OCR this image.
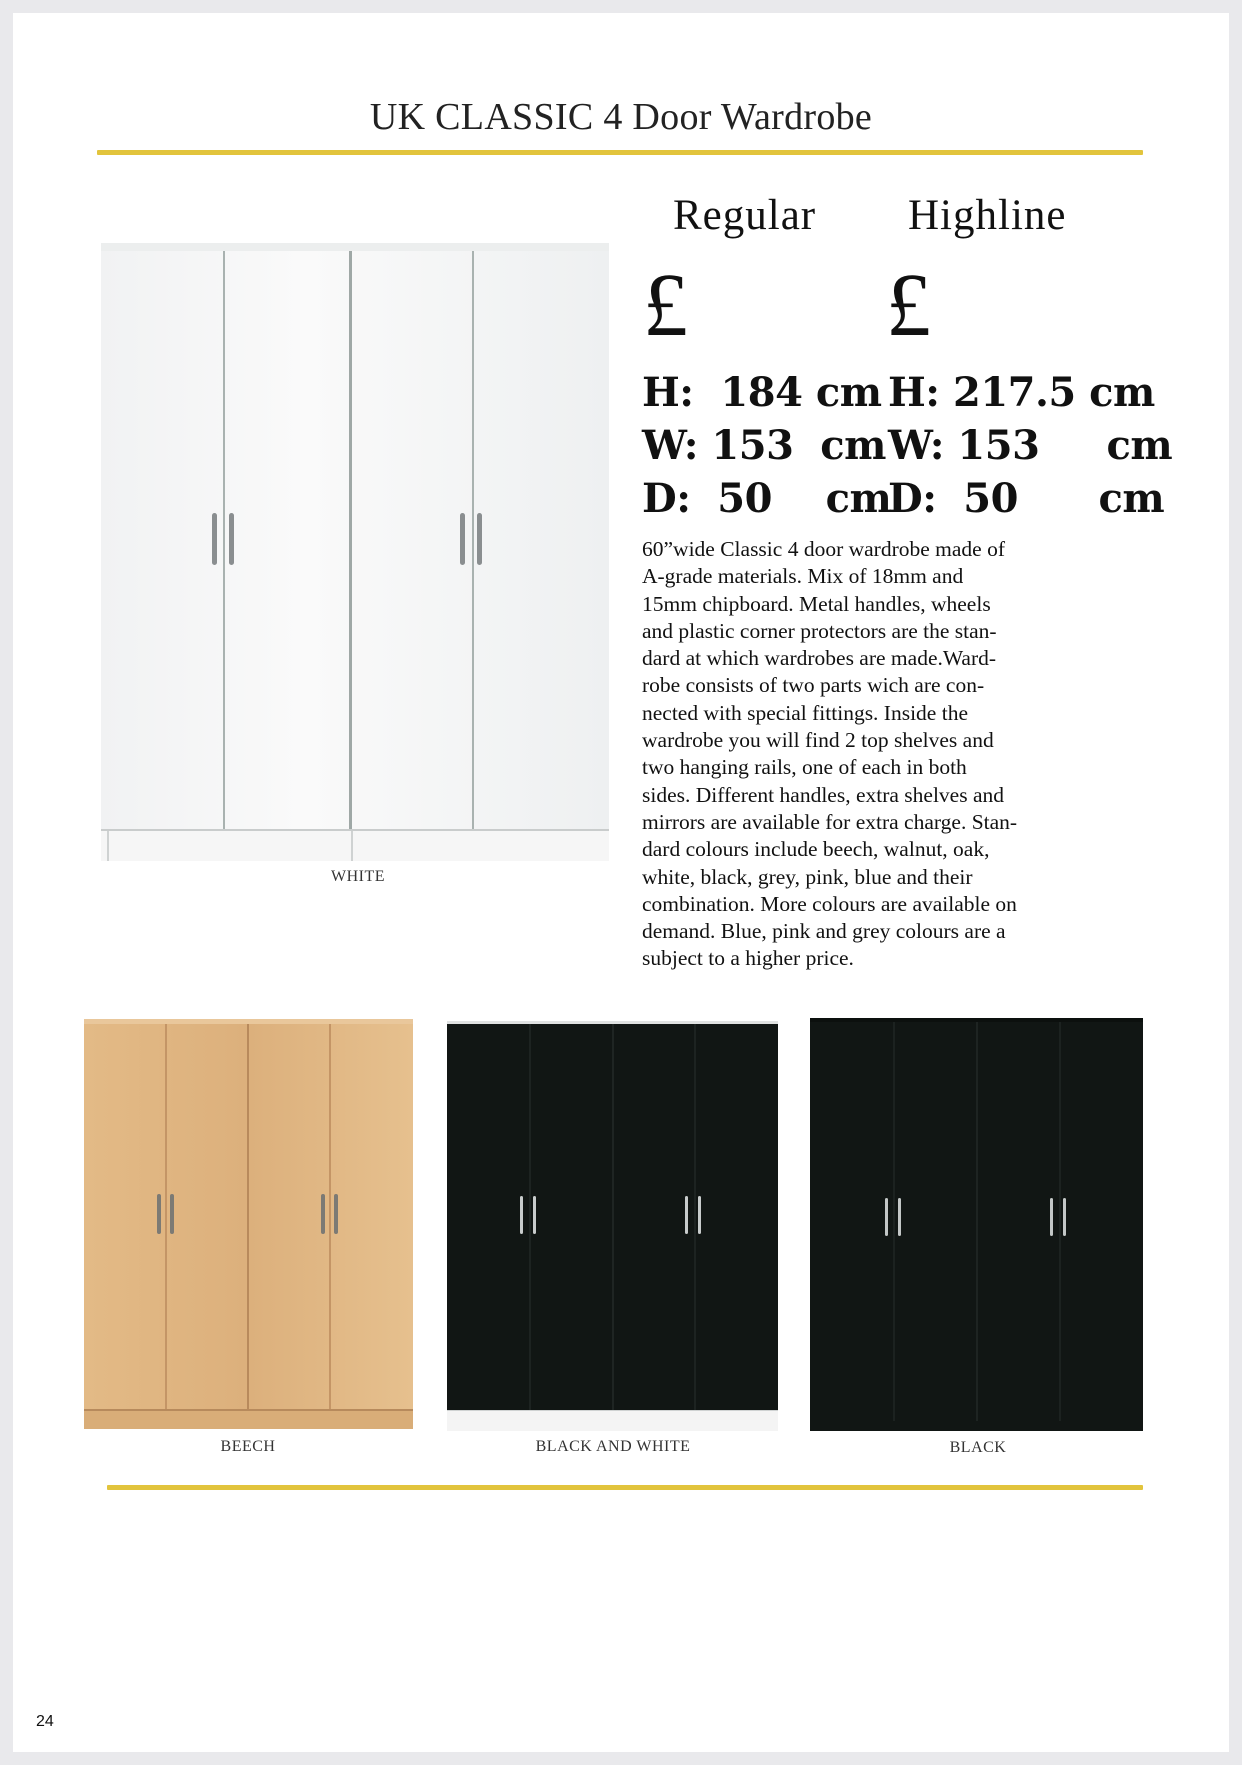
UK CLASSIC 4 Door Wardrobe
WHITE
Regular Highline
£ £
H:  184 cm
W: 153  cm
D:  50    cm
H: 217.5 cm
W: 153     cm
D:  50      cm
60”wide Classic 4 door wardrobe made of
A-grade materials. Mix of 18mm and
15mm chipboard. Metal handles, wheels
and plastic corner protectors are the stan-
dard at which wardrobes are made.Ward-
robe consists of two parts wich are con-
nected with special fittings. Inside the
wardrobe you will find 2 top shelves and
two hanging rails, one of each in both
sides. Different handles, extra shelves and
mirrors are available for extra charge. Stan-
dard colours include beech, walnut, oak,
white, black, grey, pink, blue and their
combination. More colours are available on
demand. Blue, pink and grey colours are a
subject to a higher price.
BEECH	BLACK AND WHITE	BLACK
24
